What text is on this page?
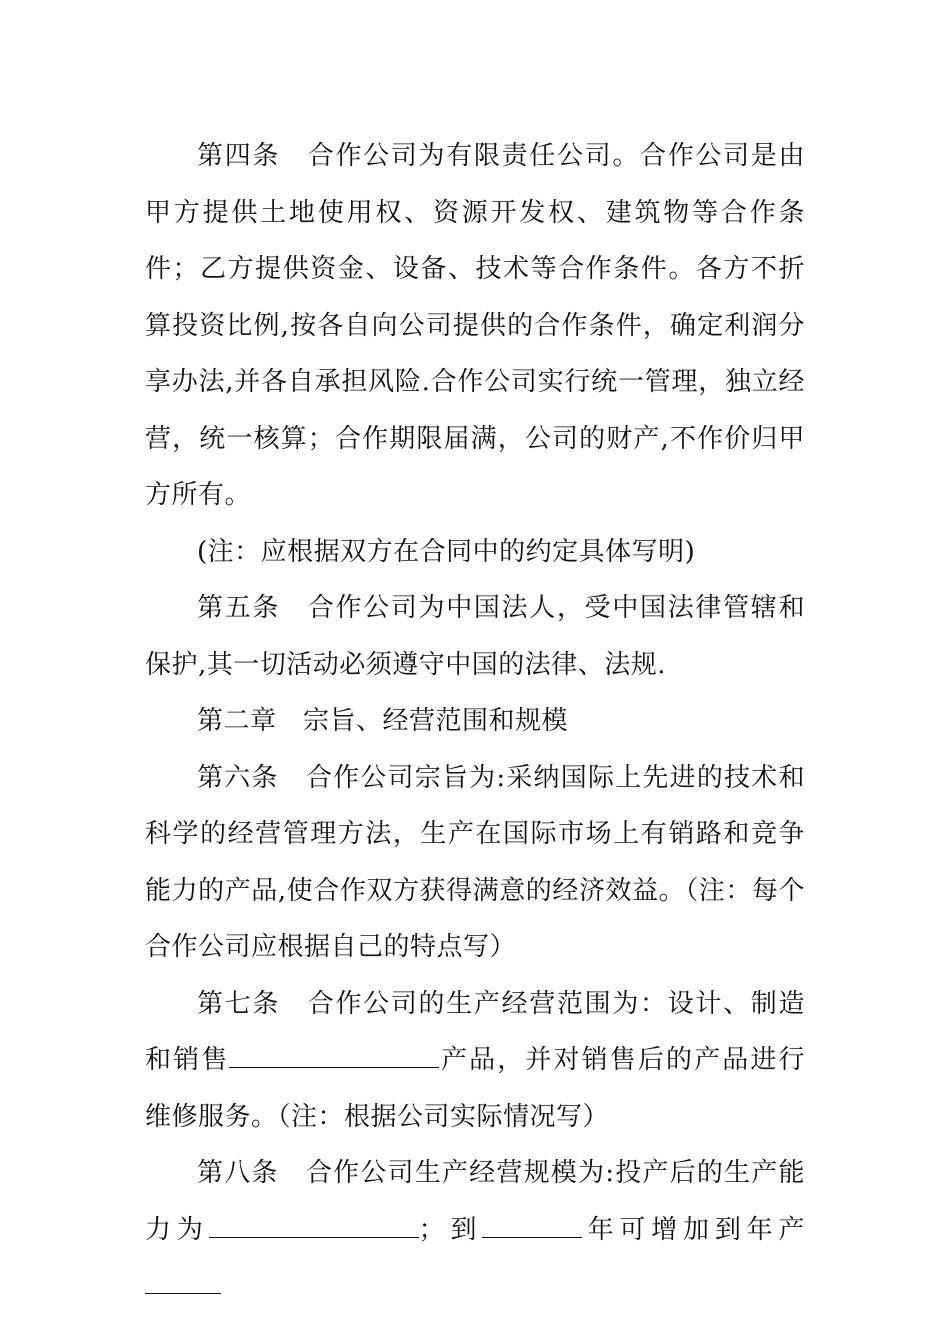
第四条　合作公司为有限责任公司。合作公司是由甲方提供土地使用权、资源开发权、建筑物等合作条件；乙方提供资金、设备、技术等合作条件。各方不折算投资比例,按各自向公司提供的合作条件，确定利润分享办法,并各自承担风险.合作公司实行统一管理，独立经营，统一核算；合作期限届满，公司的财产,不作价归甲方所有。

(注：应根据双方在合同中的约定具体写明)

第五条　合作公司为中国法人，受中国法律管辖和保护,其一切活动必须遵守中国的法律、法规.

第二章　宗旨、经营范围和规模

第六条　合作公司宗旨为:采纳国际上先进的技术和科学的经营管理方法，生产在国际市场上有销路和竞争能力的产品,使合作双方获得满意的经济效益。（注：每个合作公司应根据自己的特点写）

第七条　合作公司的生产经营范围为：设计、制造和销售	产品，并对销售后的产品进行维修服务。（注：根据公司实际情况写）

第八条　合作公司生产经营规模为:投产后的生产能力为	；到	年可增加到年产
